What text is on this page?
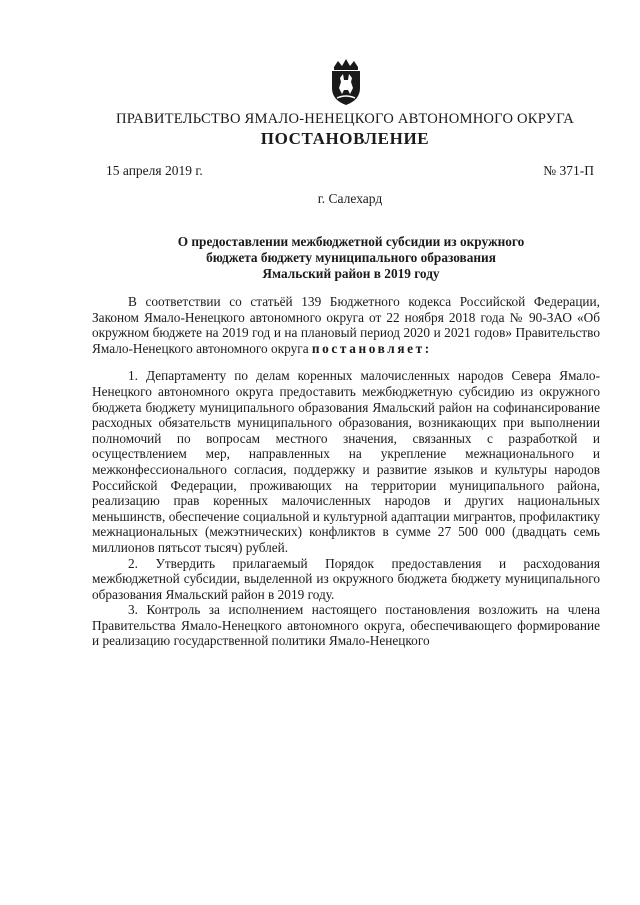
ПРАВИТЕЛЬСТВО ЯМАЛО-НЕНЕЦКОГО АВТОНОМНОГО ОКРУГА
ПОСТАНОВЛЕНИЕ
15 апреля 2019 г.	№ 371-П
г. Салехард
О предоставлении межбюджетной субсидии из окружного
бюджета бюджету муниципального образования
Ямальский район в 2019 году

В соответствии со статьёй 139 Бюджетного кодекса Российской Федерации, Законом Ямало-Ненецкого автономного округа от 22 ноября 2018 года № 90-ЗАО «Об окружном бюджете на 2019 год и на плановый период 2020 и 2021 годов» Правительство Ямало-Ненецкого автономного округа постановляет:

1. Департаменту по делам коренных малочисленных народов Севера Ямало-Ненецкого автономного округа предоставить межбюджетную субсидию из окружного бюджета бюджету муниципального образования Ямальский район на софинансирование расходных обязательств муниципального образования, возникающих при выполнении полномочий по вопросам местного значения, связанных с разработкой и осуществлением мер, направленных на укрепление межнационального и межконфессионального согласия, поддержку и развитие языков и культуры народов Российской Федерации, проживающих на территории муниципального района, реализацию прав коренных малочисленных народов и других национальных меньшинств, обеспечение социальной и культурной адаптации мигрантов, профилактику межнациональных (межэтнических) конфликтов в сумме 27 500 000 (двадцать семь миллионов пятьсот тысяч) рублей.

2. Утвердить прилагаемый Порядок предоставления и расходования межбюджетной субсидии, выделенной из окружного бюджета бюджету муниципального образования Ямальский район в 2019 году.

3. Контроль за исполнением настоящего постановления возложить на члена Правительства Ямало-Ненецкого автономного округа, обеспечивающего формирование и реализацию государственной политики Ямало-Ненецкого
